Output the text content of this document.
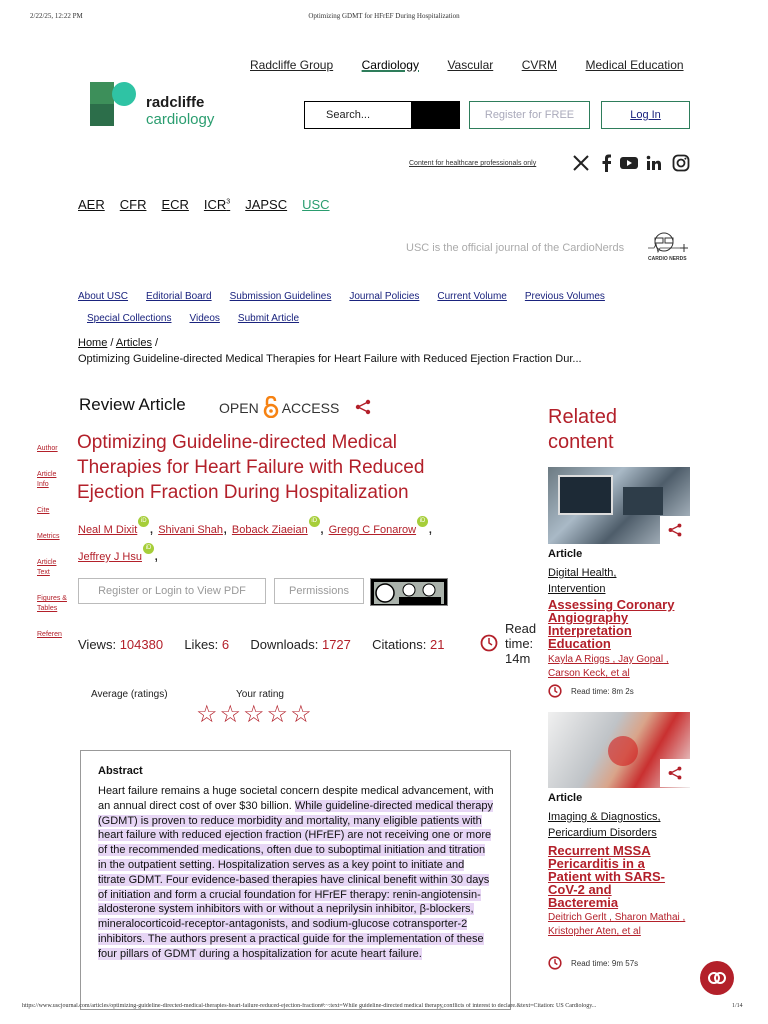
2/22/25, 12:22 PM	Optimizing GDMT for HFrEF During Hospitalization
Radcliffe Group Cardiology Vascular CVRM Medical Education
radcliffe
cardiology	Search...	Register for FREE	Log In
Content for healthcare professionals only
AER CFR ECR ICR$^3$ JAPSC USC
USC is the official journal of the CardioNerds
CARDIO NERDS
About USC Editorial Board Submission Guidelines Journal Policies Current Volume Previous Volumes
Special Collections Videos Submit Article
Home / Articles /
Optimizing Guideline-directed Medical Therapies for Heart Failure with Reduced Ejection Fraction Dur...
Author
Article Info
Cite
Metrics
Article Text
Figures & Tables
Referen
Review Article OPEN ACCESS
Optimizing Guideline-directed Medical Therapies for Heart Failure with Reduced Ejection Fraction During Hospitalization
Neal M DixitiD , Shivani Shah, Boback ZiaeianiD , Gregg C FonarowiD ,
Jeffrey J HsuiD ,
Register or Login to View PDF	Permissions
Views: 104380 Likes: 6 Downloads: 1727 Citations: 21
Read
time:
14m
Average (ratings)	Your rating
☆☆☆☆☆
Abstract
Heart failure remains a huge societal concern despite medical advancement, with an annual direct cost of over $30 billion. While guideline-directed medical therapy (GDMT) is proven to reduce morbidity and mortality, many eligible patients with heart failure with reduced ejection fraction (HFrEF) are not receiving one or more of the recommended medications, often due to suboptimal initiation and titration in the outpatient setting. Hospitalization serves as a key point to initiate and titrate GDMT. Four evidence-based therapies have clinical benefit within 30 days of initiation and form a crucial foundation for HFrEF therapy: renin-angiotensin-aldosterone system inhibitors with or without a neprilysin inhibitor, β-blockers, mineralocorticoid-receptor-antagonists, and sodium-glucose cotransporter-2 inhibitors. The authors present a practical guide for the implementation of these four pillars of GDMT during a hospitalization for acute heart failure.
Related
content
Article
Digital Health,
Intervention
Assessing Coronary Angiography Interpretation Education
Kayla A Riggs , Jay Gopal ,
Carson Keck, et al
Read time: 8m 2s
Article
Imaging & Diagnostics,
Pericardium Disorders
Recurrent MSSA Pericarditis in a Patient with SARS-CoV-2 and Bacteremia
Deitrich Gerlt , Sharon Mathai , Kristopher Aten, et al
Read time: 9m 57s
https://www.uscjournal.com/articles/optimizing-guideline-directed-medical-therapies-heart-failure-reduced-ejection-fraction#:~:text=While guideline-directed medical therapy,conflicts of interest to declare.&text=Citation: US Cardiology...	1/14
